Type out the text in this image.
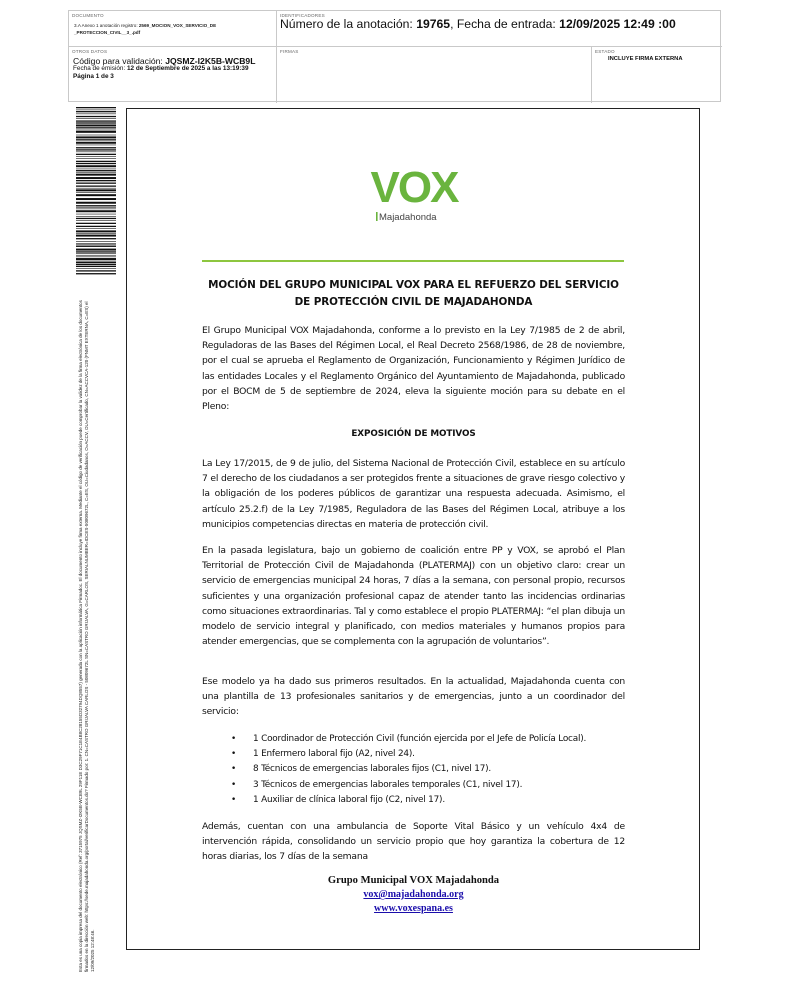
DOCUMENTO
3.A Anexo 1 anotación registro: 2569_MOCION_VOX_SERVICIO_DE _PROTECCION_CIVIL__3_.pdf
IDENTIFICADORES
Número de la anotación: 19765, Fecha de entrada: 12/09/2025 12:49 :00
OTROS DATOS
Código para validación: JQSMZ-I2K5B-WCB9L
Fecha de emisión: 12 de Septiembre de 2025 a las 13:19:39
Página 1 de 3
FIRMAS	ESTADO
INCLUYE FIRMA EXTERNA
Esta es una copia impresa del documento electrónico (Ref: 3715975 JQSMZ-I2K5B-WCB9L 29F11E D3C29F71C1E4B8C28155D32794DQ8557) generada con la aplicación informática Firmadoc. El documento incluye firma externa. Mediante el código de verificación puede comprobar la validez de la firma electrónica de los documentos firmados en la dirección web: https://sede.majadahonda.org/portal/verificarDocumentos.do? Firmado por: 1. CN=CASTRO GRIJALVA CARLOS - 50809672L SN=CASTRO GRIJALVA, G=CARLOS, SERIALNUMBER=IDCES-50809672L, C=ES, OU=Ciudadanos, O=ACCV, OU=Certificado, CN=ACCVCA-120 (FNMT EXTERNA, C=ES) el 12/09/2025 12:48:46.
VOX
Majadahonda
MOCIÓN DEL GRUPO MUNICIPAL VOX PARA EL REFUERZO DEL SERVICIO DE PROTECCIÓN CIVIL DE MAJADAHONDA
El Grupo Municipal VOX Majadahonda, conforme a lo previsto en la Ley 7/1985 de 2 de abril, Reguladoras de las Bases del Régimen Local, el Real Decreto 2568/1986, de 28 de noviembre, por el cual se aprueba el Reglamento de Organización, Funcionamiento y Régimen Jurídico de las entidades Locales y el Reglamento Orgánico del Ayuntamiento de Majadahonda, publicado por el BOCM de 5 de septiembre de 2024, eleva la siguiente moción para su debate en el Pleno:
EXPOSICIÓN DE MOTIVOS
La Ley 17/2015, de 9 de julio, del Sistema Nacional de Protección Civil, establece en su artículo 7 el derecho de los ciudadanos a ser protegidos frente a situaciones de grave riesgo colectivo y la obligación de los poderes públicos de garantizar una respuesta adecuada. Asimismo, el artículo 25.2.f) de la Ley 7/1985, Reguladora de las Bases del Régimen Local, atribuye a los municipios competencias directas en materia de protección civil.
En la pasada legislatura, bajo un gobierno de coalición entre PP y VOX, se aprobó el Plan Territorial de Protección Civil de Majadahonda (PLATERMAJ) con un objetivo claro: crear un servicio de emergencias municipal 24 horas, 7 días a la semana, con personal propio, recursos suficientes y una organización profesional capaz de atender tanto las incidencias ordinarias como situaciones extraordinarias. Tal y como establece el propio PLATERMAJ: “el plan dibuja un modelo de servicio integral y planificado, con medios materiales y humanos propios para atender emergencias, que se complementa con la agrupación de voluntarios”.
Ese modelo ya ha dado sus primeros resultados. En la actualidad, Majadahonda cuenta con una plantilla de 13 profesionales sanitarios y de emergencias, junto a un coordinador del servicio:
• 1 Coordinador de Protección Civil (función ejercida por el Jefe de Policía Local).
• 1 Enfermero laboral fijo (A2, nivel 24).
• 8 Técnicos de emergencias laborales fijos (C1, nivel 17).
• 3 Técnicos de emergencias laborales temporales (C1, nivel 17).
• 1 Auxiliar de clínica laboral fijo (C2, nivel 17).
Además, cuentan con una ambulancia de Soporte Vital Básico y un vehículo 4x4 de intervención rápida, consolidando un servicio propio que hoy garantiza la cobertura de 12 horas diarias, los 7 días de la semana
Grupo Municipal VOX Majadahonda
vox@majadahonda.org
www.voxespana.es
